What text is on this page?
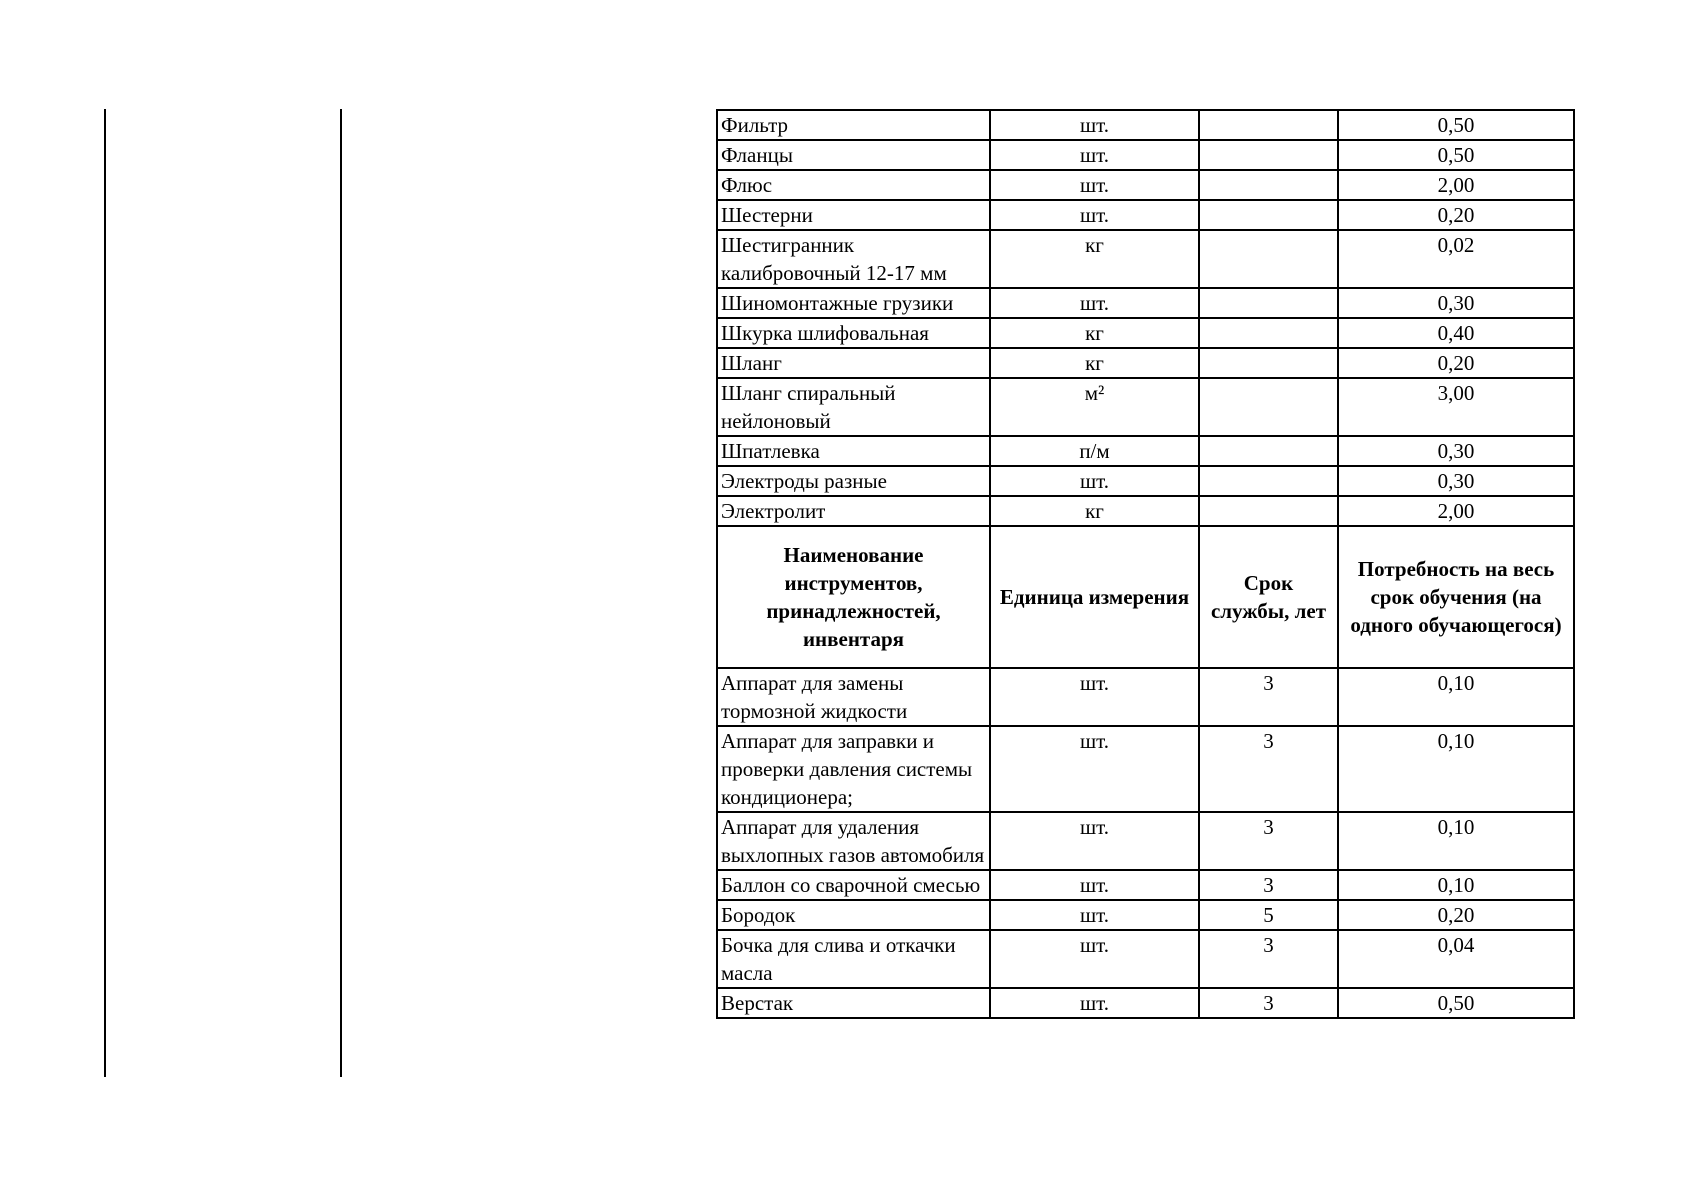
Фильтр	шт.		0,50
Фланцы	шт.		0,50
Флюс	шт.		2,00
Шестерни	шт.		0,20
Шестигранник калибровочный 12-17 мм	кг		0,02
Шиномонтажные грузики	шт.		0,30
Шкурка шлифовальная	кг		0,40
Шланг	кг		0,20
Шланг спиральный нейлоновый	м²		3,00
Шпатлевка	п/м		0,30
Электроды разные	шт.		0,30
Электролит	кг		2,00
Наименование инструментов, принадлежностей, инвентаря	Единица измерения	Срок службы, лет	Потребность на весь срок обучения (на одного обучающегося)
Аппарат для замены тормозной жидкости	шт.	3	0,10
Аппарат для заправки и проверки давления системы кондиционера;	шт.	3	0,10
Аппарат для удаления выхлопных газов автомобиля	шт.	3	0,10
Баллон со сварочной смесью	шт.	3	0,10
Бородок	шт.	5	0,20
Бочка для слива и откачки масла	шт.	3	0,04
Верстак	шт.	3	0,50
